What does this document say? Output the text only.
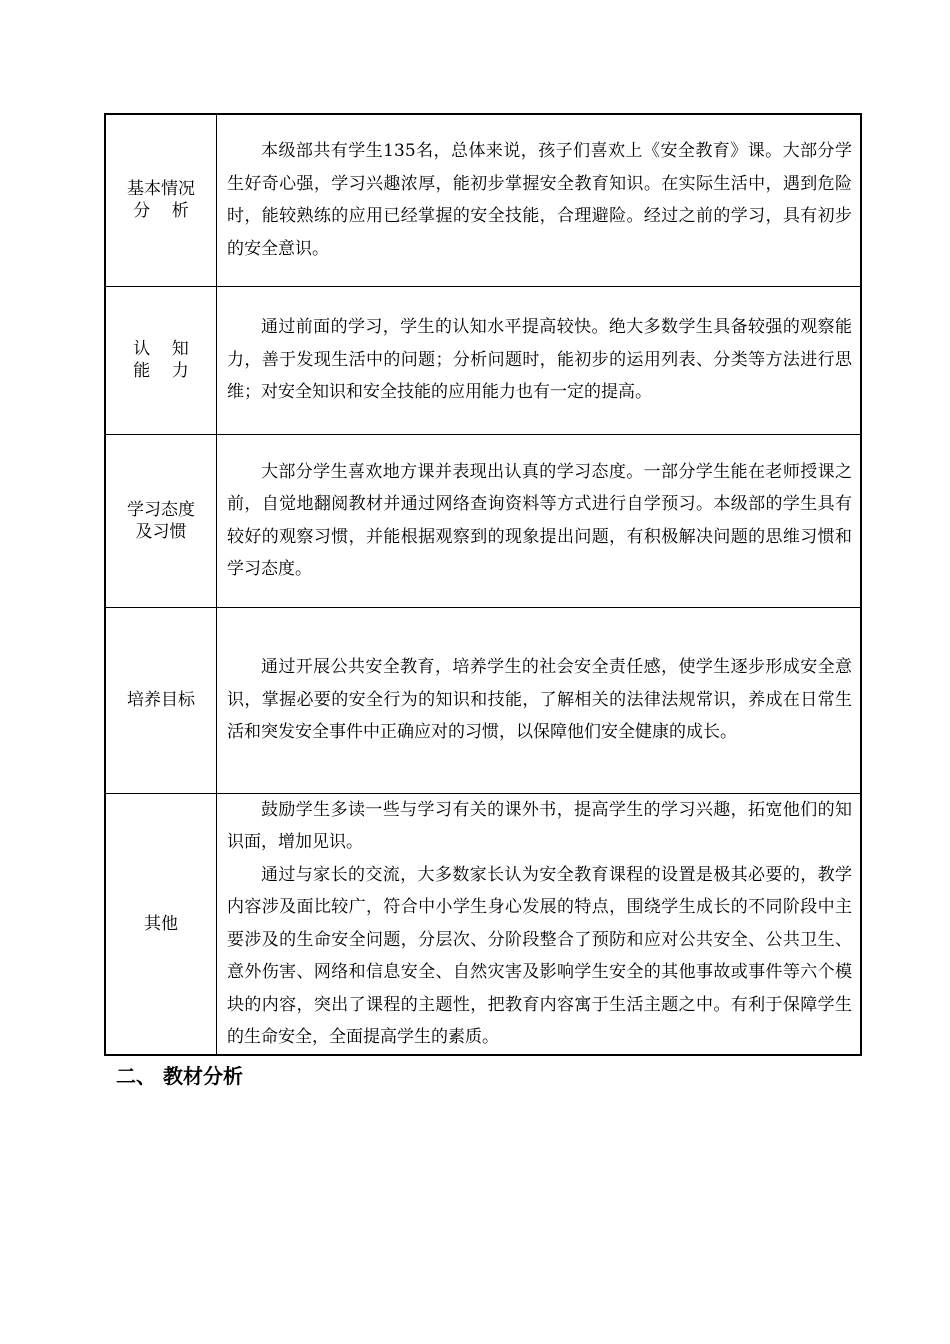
基本情况
分    析	本级部共有学生135名，总体来说，孩子们喜欢上《安全教育》课。大部分学生好奇心强，学习兴趣浓厚，能初步掌握安全教育知识。在实际生活中，遇到危险时，能较熟练的应用已经掌握的安全技能，合理避险。经过之前的学习，具有初步的安全意识。

认    知
能    力	通过前面的学习，学生的认知水平提高较快。绝大多数学生具备较强的观察能力，善于发现生活中的问题；分析问题时，能初步的运用列表、分类等方法进行思维；对安全知识和安全技能的应用能力也有一定的提高。

学习态度
及习惯	大部分学生喜欢地方课并表现出认真的学习态度。一部分学生能在老师授课之前，自觉地翻阅教材并通过网络查询资料等方式进行自学预习。本级部的学生具有较好的观察习惯，并能根据观察到的现象提出问题，有积极解决问题的思维习惯和学习态度。

培养目标	通过开展公共安全教育，培养学生的社会安全责任感，使学生逐步形成安全意识，掌握必要的安全行为的知识和技能，了解相关的法律法规常识，养成在日常生活和突发安全事件中正确应对的习惯，以保障他们安全健康的成长。

其他	鼓励学生多读一些与学习有关的课外书，提高学生的学习兴趣，拓宽他们的知识面，增加见识。

通过与家长的交流，大多数家长认为安全教育课程的设置是极其必要的，教学内容涉及面比较广，符合中小学生身心发展的特点，围绕学生成长的不同阶段中主要涉及的生命安全问题，分层次、分阶段整合了预防和应对公共安全、公共卫生、意外伤害、网络和信息安全、自然灾害及影响学生安全的其他事故或事件等六个模块的内容，突出了课程的主题性，把教育内容寓于生活主题之中。有利于保障学生的生命安全，全面提高学生的素质。

二、 教材分析
